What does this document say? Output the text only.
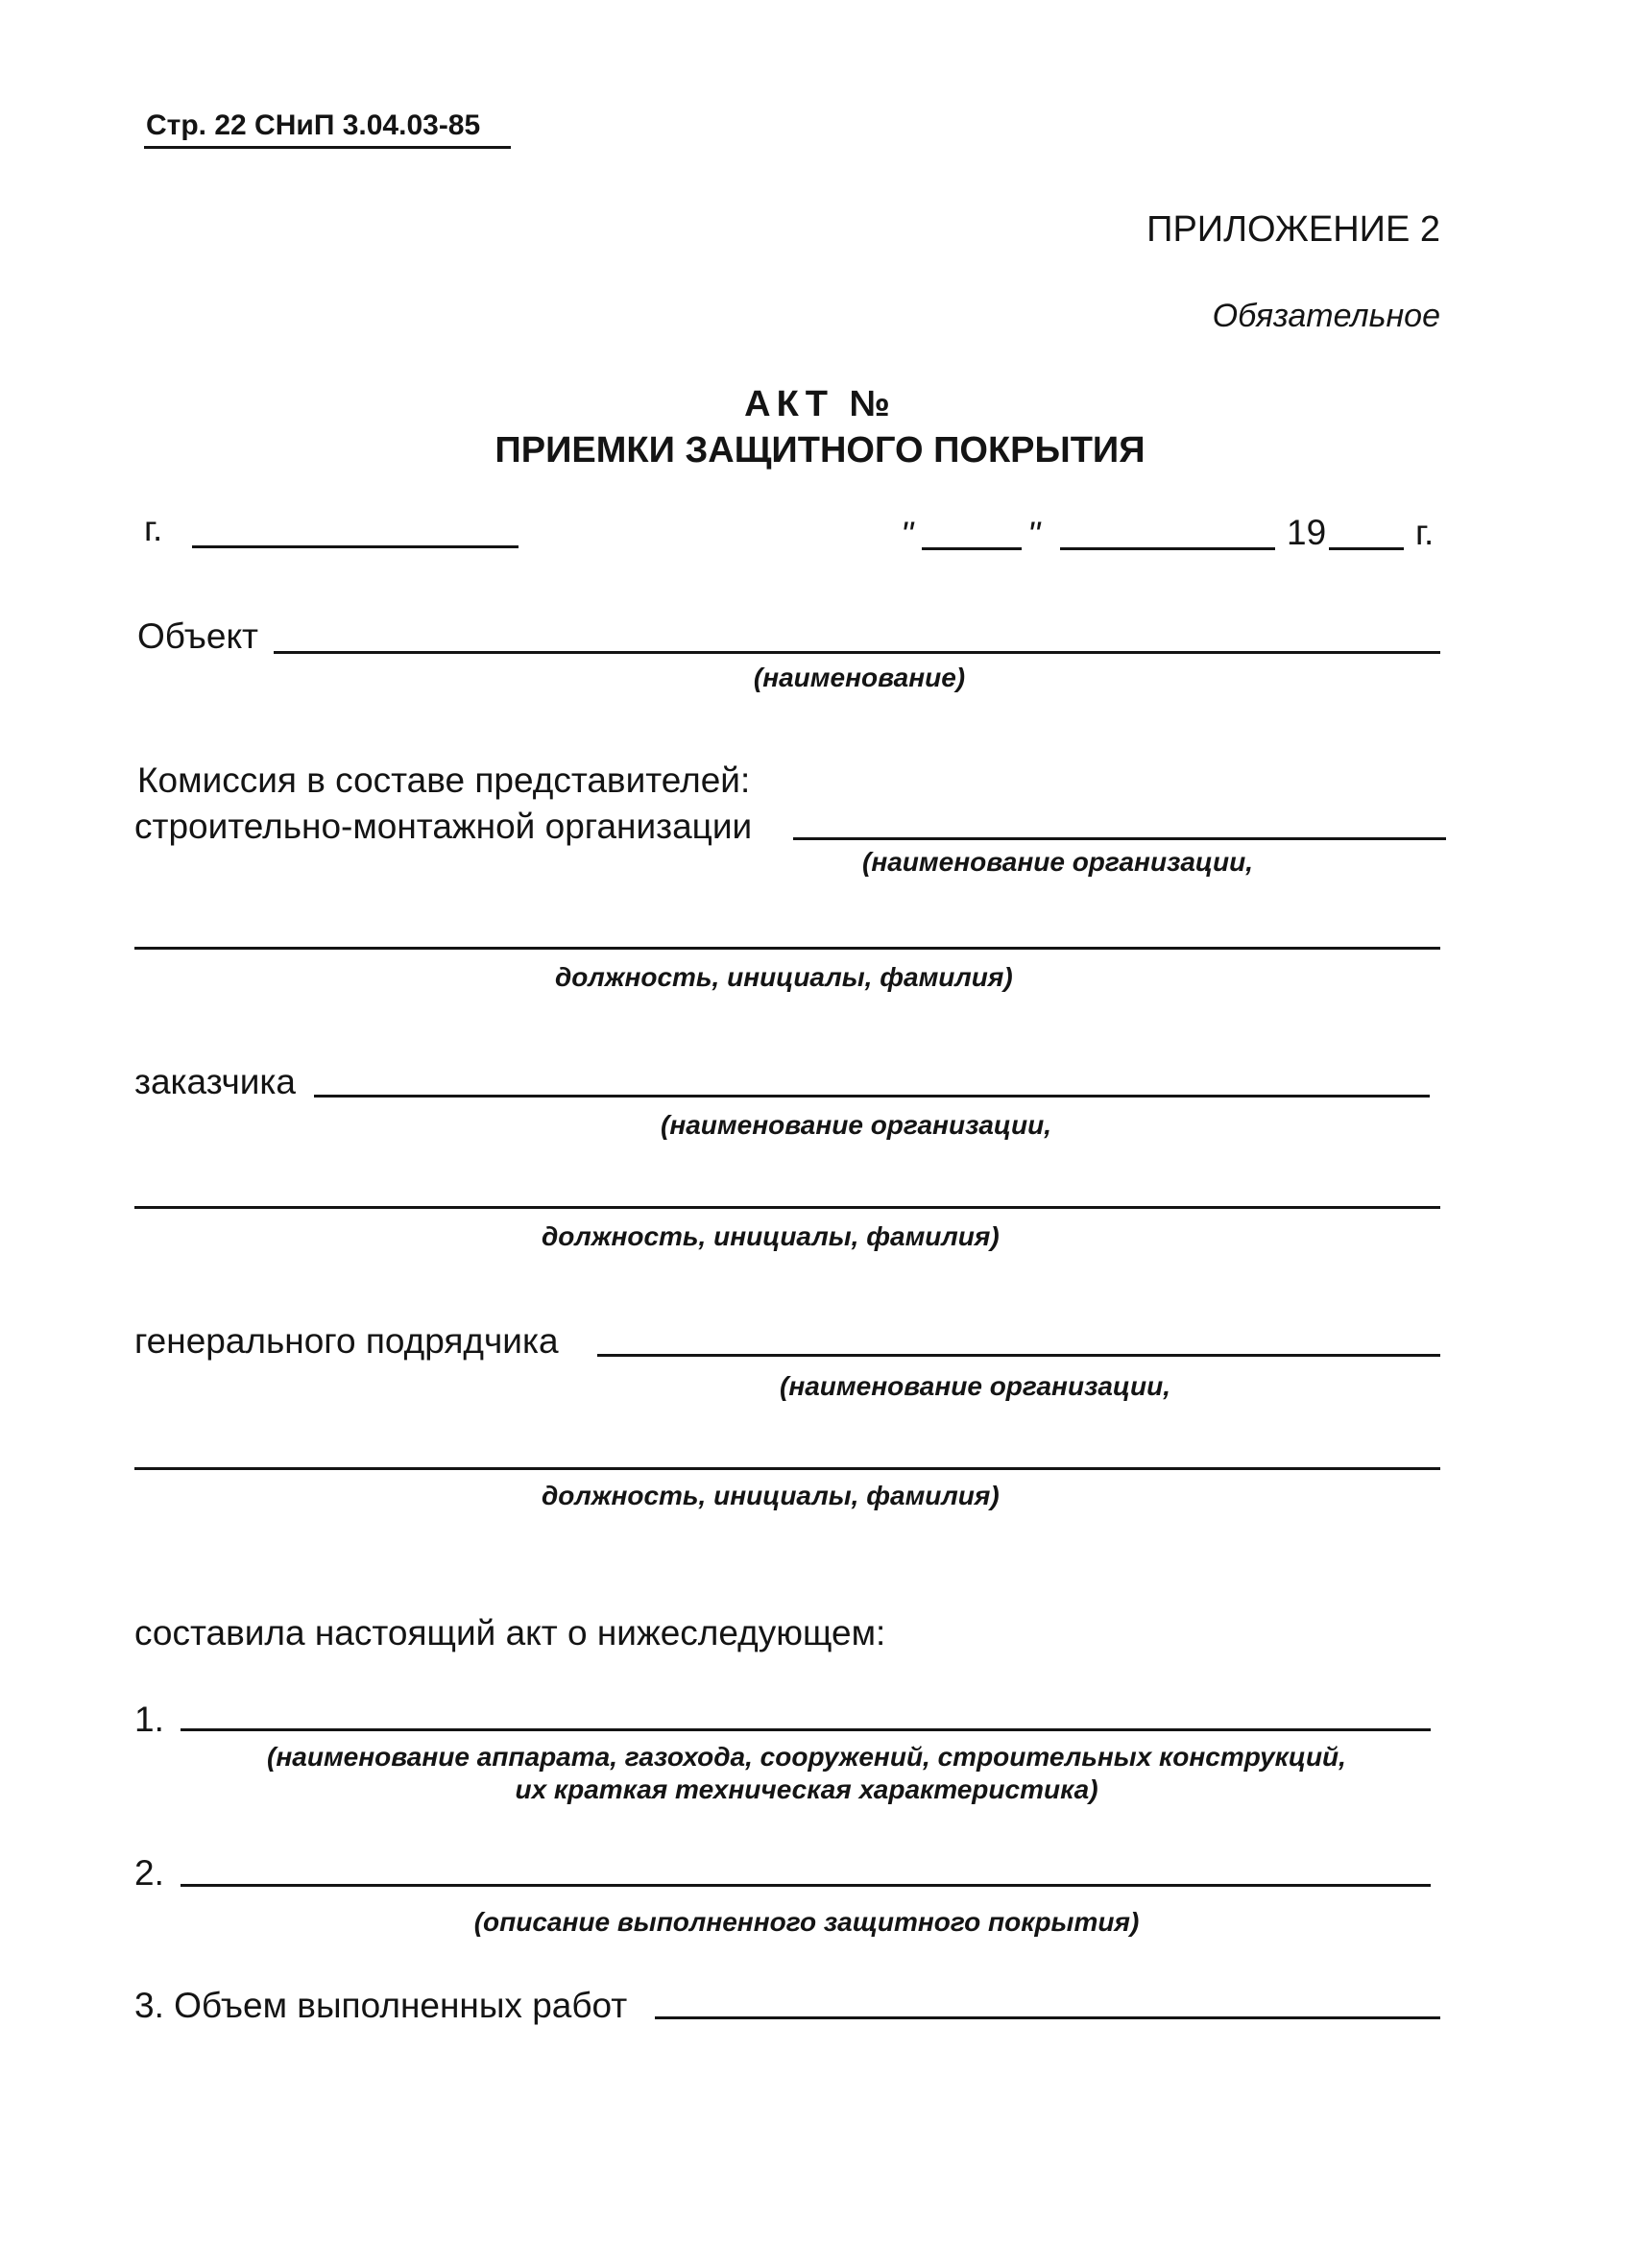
Стр. 22 СНиП 3.04.03-85
ПРИЛОЖЕНИЕ 2
Обязательное
АКТ №
ПРИЕМКИ ЗАЩИТНОГО ПОКРЫТИЯ
г.	"	"	19	г.
Объект
(наименование)
Комиссия в составе представителей:
строительно-монтажной организации
(наименование организации,
должность, инициалы, фамилия)
заказчика
(наименование организации,
должность, инициалы, фамилия)
генерального подрядчика
(наименование организации,
должность, инициалы, фамилия)
составила настоящий акт о нижеследующем:
1.
(наименование аппарата, газохода, сооружений, строительных конструкций,
их краткая техническая характеристика)
2.
(описание выполненного защитного покрытия)
3. Объем выполненных работ
